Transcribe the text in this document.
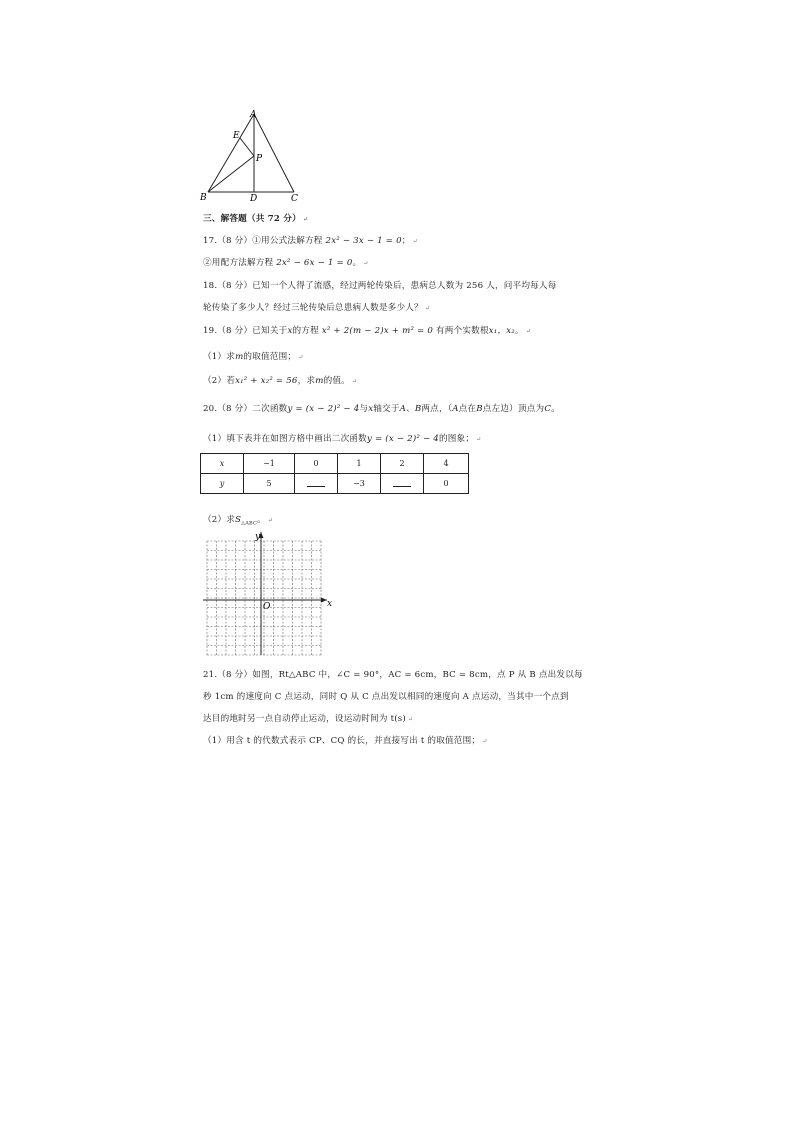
A
E
P
B	D	C
三、解答题（共 72 分） ↵
17.（8 分）①用公式法解方程 2x² − 3x − 1 = 0； ↵
②用配方法解方程 2x² − 6x − 1 = 0。 ↵
18.（8 分）已知一个人得了流感，经过两轮传染后，患病总人数为 256 人，问平均每人每
轮传染了多少人？经过三轮传染后总患病人数是多少人？ ↵
19.（8 分）已知关于x的方程 x² + 2(m − 2)x + m² = 0 有两个实数根x₁，x₂。 ↵
（1）求m的取值范围； ↵
（2）若x₁² + x₂² = 56，求m的值。 ↵
20.（8 分）二次函数y = (x − 2)² − 4与x轴交于A、B两点，（A点在B点左边）顶点为C。
（1）填下表并在如图方格中画出二次函数y = (x − 2)² − 4的图象； ↵
x	−1	0	1	2	4
y	5		−3		0
（2）求$S_{\triangle ABC}$。 ↵
y
x
O
21.（8 分）如图，Rt△ABC 中，∠C = 90°，AC = 6cm，BC = 8cm，点 P 从 B 点出发以每
秒 1cm 的速度向 C 点运动，同时 Q 从 C 点出发以相同的速度向 A 点运动，当其中一个点到
达目的地时另一点自动停止运动，设运动时间为 t(s) ↵
（1）用含 t 的代数式表示 CP、CQ 的长，并直接写出 t 的取值范围； ↵
